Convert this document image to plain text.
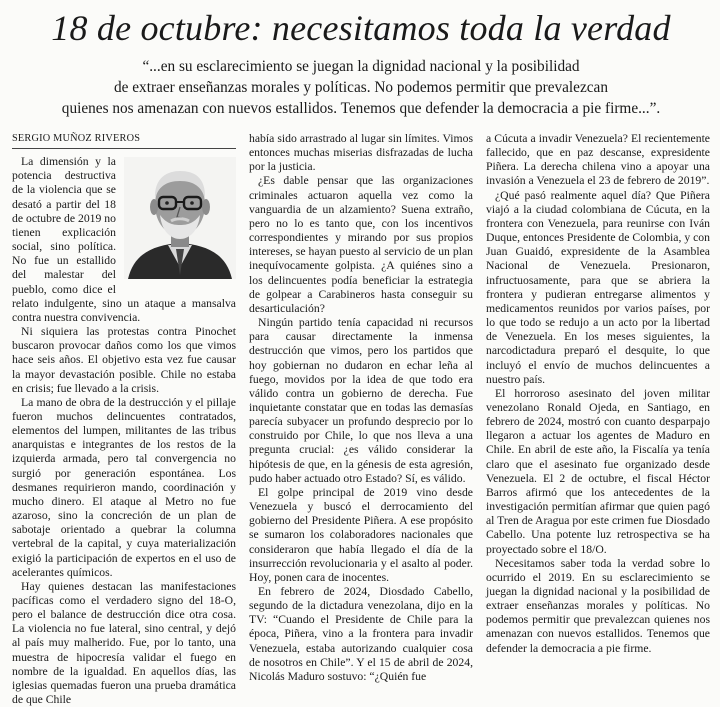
18 de octubre: necesitamos toda la verdad

“...en su esclarecimiento se juegan la dignidad nacional y la posibilidad

de extraer enseñanzas morales y políticas. No podemos permitir que prevalezcan

quienes nos amenazan con nuevos estallidos. Tenemos que defender la democracia a pie firme...”.

SERGIO MUÑOZ RIVEROS

La dimensión y la potencia destructiva de la violencia que se desató a partir del 18 de octubre de 2019 no tienen explicación social, sino política. No fue un estallido del malestar del pueblo, como dice el relato indulgente, sino un ataque a mansalva contra nuestra convivencia.

Ni siquiera las protestas contra Pinochet buscaron provocar daños como los que vimos hace seis años. El objetivo esta vez fue causar la mayor devastación posible. Chile no estaba en crisis; fue llevado a la crisis.

La mano de obra de la destrucción y el pillaje fueron muchos delincuentes contratados, elementos del lumpen, militantes de las tribus anarquistas e integrantes de los restos de la izquierda armada, pero tal convergencia no surgió por generación espontánea. Los desmanes requirieron mando, coordinación y mucho dinero. El ataque al Metro no fue azaroso, sino la concreción de un plan de sabotaje orientado a quebrar la columna vertebral de la capital, y cuya materialización exigió la participación de expertos en el uso de acelerantes químicos.

Hay quienes destacan las manifestaciones pacíficas como el verdadero signo del 18-O, pero el balance de destrucción dice otra cosa. La violencia no fue lateral, sino central, y dejó al país muy malherido. Fue, por lo tanto, una muestra de hipocresía validar el fuego en nombre de la igualdad. En aquellos días, las iglesias quemadas fueron una prueba dramática de que Chile

había sido arrastrado al lugar sin límites. Vimos entonces muchas miserias disfrazadas de lucha por la justicia.

¿Es dable pensar que las organizaciones criminales actuaron aquella vez como la vanguardia de un alzamiento? Suena extraño, pero no lo es tanto que, con los incentivos correspondientes y mirando por sus propios intereses, se hayan puesto al servicio de un plan inequívocamente golpista. ¿A quiénes sino a los delincuentes podía beneficiar la estrategia de golpear a Carabineros hasta conseguir su desarticulación?

Ningún partido tenía capacidad ni recursos para causar directamente la inmensa destrucción que vimos, pero los partidos que hoy gobiernan no dudaron en echar leña al fuego, movidos por la idea de que todo era válido contra un gobierno de derecha. Fue inquietante constatar que en todas las demasías parecía subyacer un profundo desprecio por lo construido por Chile, lo que nos lleva a una pregunta crucial: ¿es válido considerar la hipótesis de que, en la génesis de esta agresión, pudo haber actuado otro Estado? Sí, es válido.

El golpe principal de 2019 vino desde Venezuela y buscó el derrocamiento del gobierno del Presidente Piñera. A ese propósito se sumaron los colaboradores nacionales que consideraron que había llegado el día de la insurrección revolucionaria y el asalto al poder. Hoy, ponen cara de inocentes.

En febrero de 2024, Diosdado Cabello, segundo de la dictadura venezolana, dijo en la TV: “Cuando el Presidente de Chile para la época, Piñera, vino a la frontera para invadir Venezuela, estaba autorizando cualquier cosa de nosotros en Chile”. Y el 15 de abril de 2024, Nicolás Maduro sostuvo: “¿Quién fue

a Cúcuta a invadir Venezuela? El recientemente fallecido, que en paz descanse, expresidente Piñera. La derecha chilena vino a apoyar una invasión a Venezuela el 23 de febrero de 2019”.

¿Qué pasó realmente aquel día? Que Piñera viajó a la ciudad colombiana de Cúcuta, en la frontera con Venezuela, para reunirse con Iván Duque, entonces Presidente de Colombia, y con Juan Guaidó, expresidente de la Asamblea Nacional de Venezuela. Presionaron, infructuosamente, para que se abriera la frontera y pudieran entregarse alimentos y medicamentos reunidos por varios países, por lo que todo se redujo a un acto por la libertad de Venezuela. En los meses siguientes, la narcodictadura preparó el desquite, lo que incluyó el envío de muchos delincuentes a nuestro país.

El horroroso asesinato del joven militar venezolano Ronald Ojeda, en Santiago, en febrero de 2024, mostró con cuanto desparpajo llegaron a actuar los agentes de Maduro en Chile. En abril de este año, la Fiscalía ya tenía claro que el asesinato fue organizado desde Venezuela. El 2 de octubre, el fiscal Héctor Barros afirmó que los antecedentes de la investigación permitían afirmar que quien pagó al Tren de Aragua por este crimen fue Diosdado Cabello. Una potente luz retrospectiva se ha proyectado sobre el 18/O.

Necesitamos saber toda la verdad sobre lo ocurrido el 2019. En su esclarecimiento se juegan la dignidad nacional y la posibilidad de extraer enseñanzas morales y políticas. No podemos permitir que prevalezcan quienes nos amenazan con nuevos estallidos. Tenemos que defender la democracia a pie firme.
